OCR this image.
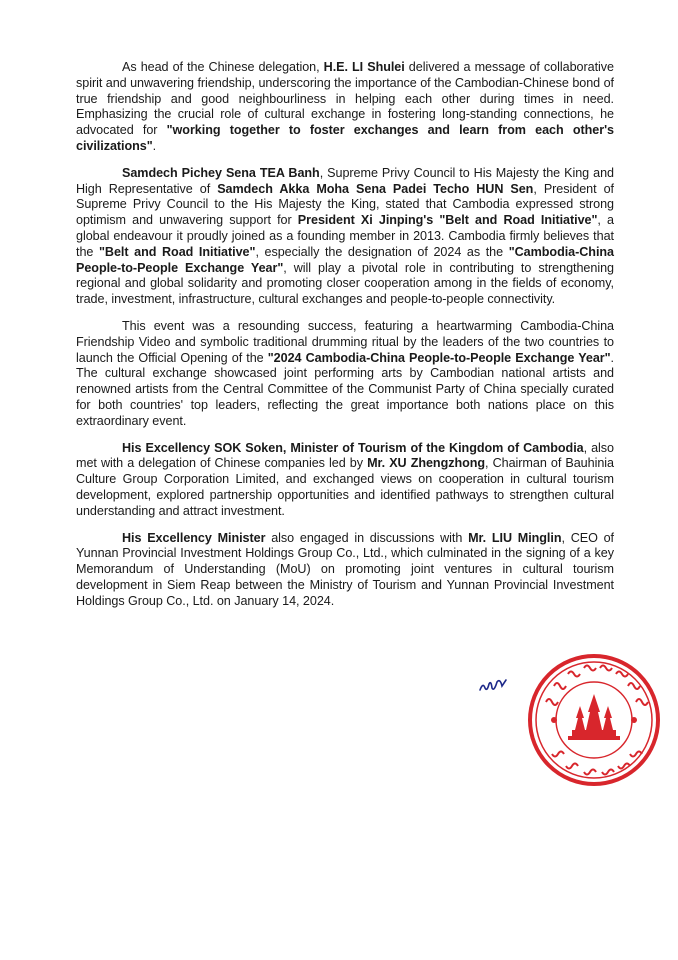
As head of the Chinese delegation, H.E. LI Shulei delivered a message of collaborative spirit and unwavering friendship, underscoring the importance of the Cambodian-Chinese bond of true friendship and good neighbourliness in helping each other during times in need. Emphasizing the crucial role of cultural exchange in fostering long-standing connections, he advocated for "working together to foster exchanges and learn from each other's civilizations".

Samdech Pichey Sena TEA Banh, Supreme Privy Council to His Majesty the King and High Representative of Samdech Akka Moha Sena Padei Techo HUN Sen, President of Supreme Privy Council to the His Majesty the King, stated that Cambodia expressed strong optimism and unwavering support for President Xi Jinping's "Belt and Road Initiative", a global endeavour it proudly joined as a founding member in 2013. Cambodia firmly believes that the "Belt and Road Initiative", especially the designation of 2024 as the "Cambodia-China People-to-People Exchange Year", will play a pivotal role in contributing to strengthening regional and global solidarity and promoting closer cooperation among in the fields of economy, trade, investment, infrastructure, cultural exchanges and people-to-people connectivity.

This event was a resounding success, featuring a heartwarming Cambodia-China Friendship Video and symbolic traditional drumming ritual by the leaders of the two countries to launch the Official Opening of the "2024 Cambodia-China People-to-People Exchange Year". The cultural exchange showcased joint performing arts by Cambodian national artists and renowned artists from the Central Committee of the Communist Party of China specially curated for both countries' top leaders, reflecting the great importance both nations place on this extraordinary event.

His Excellency SOK Soken, Minister of Tourism of the Kingdom of Cambodia, also met with a delegation of Chinese companies led by Mr. XU Zhengzhong, Chairman of Bauhinia Culture Group Corporation Limited, and exchanged views on cooperation in cultural tourism development, explored partnership opportunities and identified pathways to strengthen cultural understanding and attract investment.

His Excellency Minister also engaged in discussions with Mr. LIU Minglin, CEO of Yunnan Provincial Investment Holdings Group Co., Ltd., which culminated in the signing of a key Memorandum of Understanding (MoU) on promoting joint ventures in cultural tourism development in Siem Reap between the Ministry of Tourism and Yunnan Provincial Investment Holdings Group Co., Ltd. on January 14, 2024.
